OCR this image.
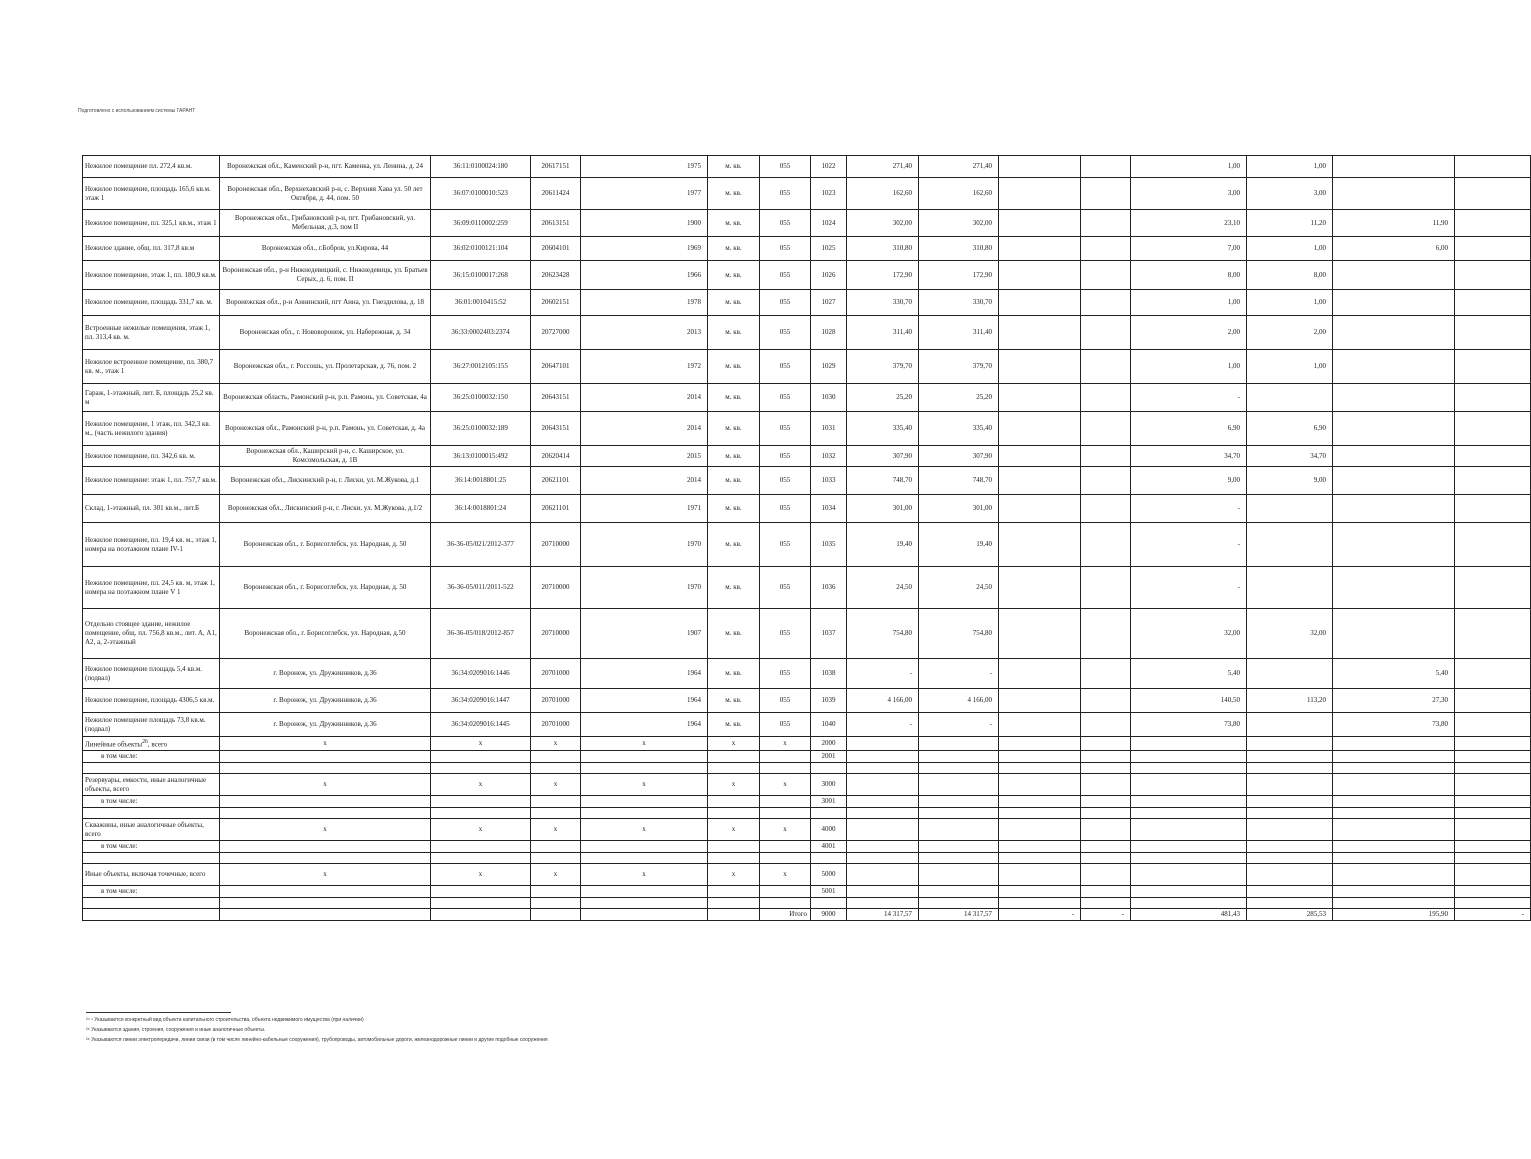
Подготовлено с использованием системы ГАРАНТ
Нежилое помещение пл. 272,4 кв.м.	Воронежская обл., Каменский р-н, пгт. Каменка, ул. Ленина, д. 24	36:11:0100024:180	20617151	1975	м. кв.	055	1022	271,40	271,40			1,00	1,00		
Нежилое помещение, площадь 165,6 кв.м. этаж 1	Воронежская обл., Верхнехавский р-н, с. Верхняя Хава ул. 50 лет Октября, д. 44, пом. 50	36:07:0100010:523	20611424	1977	м. кв.	055	1023	162,60	162,60			3,00	3,00		
Нежилое помещение, пл. 325,1 кв.м., этаж 1	Воронежская обл., Грибановский р-н, пгт. Грибановский, ул. Мебельная, д.3, пом II	36:09:0110002:259	20613151	1900	м. кв.	055	1024	302,00	302,00			23,10	11,20	11,90	
Нежилое здание, общ. пл. 317,8 кв.м	Воронежская обл., г.Бобров, ул.Кирова, 44	36:02:0100121:104	20604101	1969	м. кв.	055	1025	310,80	310,80			7,00	1,00	6,00	
Нежилое помещение, этаж 1, пл. 180,9 кв.м.	Воронежская обл., р-н Нижнедевицкий, с. Нижнедевицк, ул. Братьев Серых, д. 6, пом. II	36:15:0100017:268	20623428	1966	м. кв.	055	1026	172,90	172,90			8,00	8,00		
Нежилое помещение, площадь 331,7 кв. м.	Воронежская обл., р-н Аннинский, пгт Анна, ул. Гнездилова, д. 18	36:01:0010415:52	20602151	1978	м. кв.	055	1027	330,70	330,70			1,00	1,00		
Встроенные нежилые помещения, этаж 1, пл. 313,4 кв. м.	Воронежская обл., г. Нововоронеж, ул. Набережная, д. 34	36:33:0002403:2374	20727000	2013	м. кв.	055	1028	311,40	311,40			2,00	2,00		
Нежилое встроенное помещение, пл. 380,7 кв. м., этаж 1	Воронежская обл., г. Россошь, ул. Пролетарская, д. 76, пом. 2	36:27:0012105:155	20647101	1972	м. кв.	055	1029	379,70	379,70			1,00	1,00		
Гараж, 1-этажный, лит. Б, площадь 25,2 кв. м	Воронежская область, Рамонский р-н, р.п. Рамонь, ул. Советская, 4а	36:25:0100032:150	20643151	2014	м. кв.	055	1030	25,20	25,20			-			
Нежилое помещение, 1 этаж, пл. 342,3 кв. м., (часть нежилого здания)	Воронежская обл., Рамонский р-н, р.п. Рамонь, ул. Советская, д. 4а	36:25:0100032:189	20643151	2014	м. кв.	055	1031	335,40	335,40			6,90	6,90		
Нежилое помещение, пл. 342,6 кв. м.	Воронежская обл., Каширский р-н, с. Каширское, ул. Комсомольская, д. 1В	36:13:0100015:492	20620414	2015	м. кв.	055	1032	307,90	307,90			34,70	34,70		
Нежилое помещение: этаж 1, пл. 757,7 кв.м.	Воронежская обл., Лискинский р-н, г. Лиски, ул. М.Жукова, д.1	36:14:0018801:25	20621101	2014	м. кв.	055	1033	748,70	748,70			9,00	9,00		
Склад, 1-этажный, пл. 301 кв.м., лит.Б	Воронежская обл., Лискинский р-н, г. Лиски, ул. М.Жукова, д.1/2	36:14:0018801:24	20621101	1971	м. кв.	055	1034	301,00	301,00			-			
Нежилое помещение, пл. 19,4 кв. м., этаж 1, номера на поэтажном плане IV-1	Воронежская обл., г. Борисоглебск, ул. Народная, д. 50	36-36-05/021/2012-377	20710000	1970	м. кв.	055	1035	19,40	19,40			-			
Нежилое помещение, пл. 24,5 кв. м, этаж 1, номера на поэтажном плане V 1	Воронежская обл., г. Борисоглебск, ул. Народная, д. 50	36-36-05/011/2011-522	20710000	1970	м. кв.	055	1036	24,50	24,50			-			
Отдельно стоящее здание, нежилое помещение, общ. пл. 756,8 кв.м., лит. А, А1, А2, а, 2-этажный	Воронежская обл., г. Борисоглебск, ул. Народная, д.50	36-36-05/018/2012-857	20710000	1907	м. кв.	055	1037	754,80	754,80			32,00	32,00		
Нежилое помещение площадь 5,4 кв.м.(подвал)	г. Воронеж, ул. Дружинников, д.36	36:34:0209016:1446	20701000	1964	м. кв.	055	1038	-	-			5,40		5,40	
Нежилое помещение, площадь 4306,5 кв.м.	г. Воронеж, ул. Дружинников, д.36	36:34:0209016:1447	20701000	1964	м. кв.	055	1039	4 166,00	4 166,00			140,50	113,20	27,30	
Нежилое помещение площадь 73,8 кв.м.(подвал)	г. Воронеж, ул. Дружинников, д.36	36:34:0209016:1445	20701000	1964	м. кв.	055	1040	-	-			73,80		73,80	
Линейные объекты$^{26}$, всего	x	x	x	x	x	x	2000								
в том числе:							2001								

Резервуары, емкости, иные аналогичные объекты, всего	x	x	x	x	x	x	3000								
в том числе:							3001								

Скважины, иные аналогичные объекты, всего	x	x	x	x	x	x	4000								
в том числе:							4001								

Иные объекты, включая точечные, всего	x	x	x	x	x	x	5000								
в том числе:							5001								

						Итого	9000	14 317,57	14 317,57	-	-	481,43	285,53	195,90	-
²⁴ ¹ Указывается конкретный вид объекта капитального строительства, объекта недвижимого имущества (при наличии)
²⁵ Указываются здания, строения, сооружения и иные аналогичные объекты.
²⁶ Указываются линии электропередачи, линии связи (в том числе линейно-кабельные сооружения), трубопроводы, автомобильные дороги, железнодорожные линии и другие подобные сооружения
